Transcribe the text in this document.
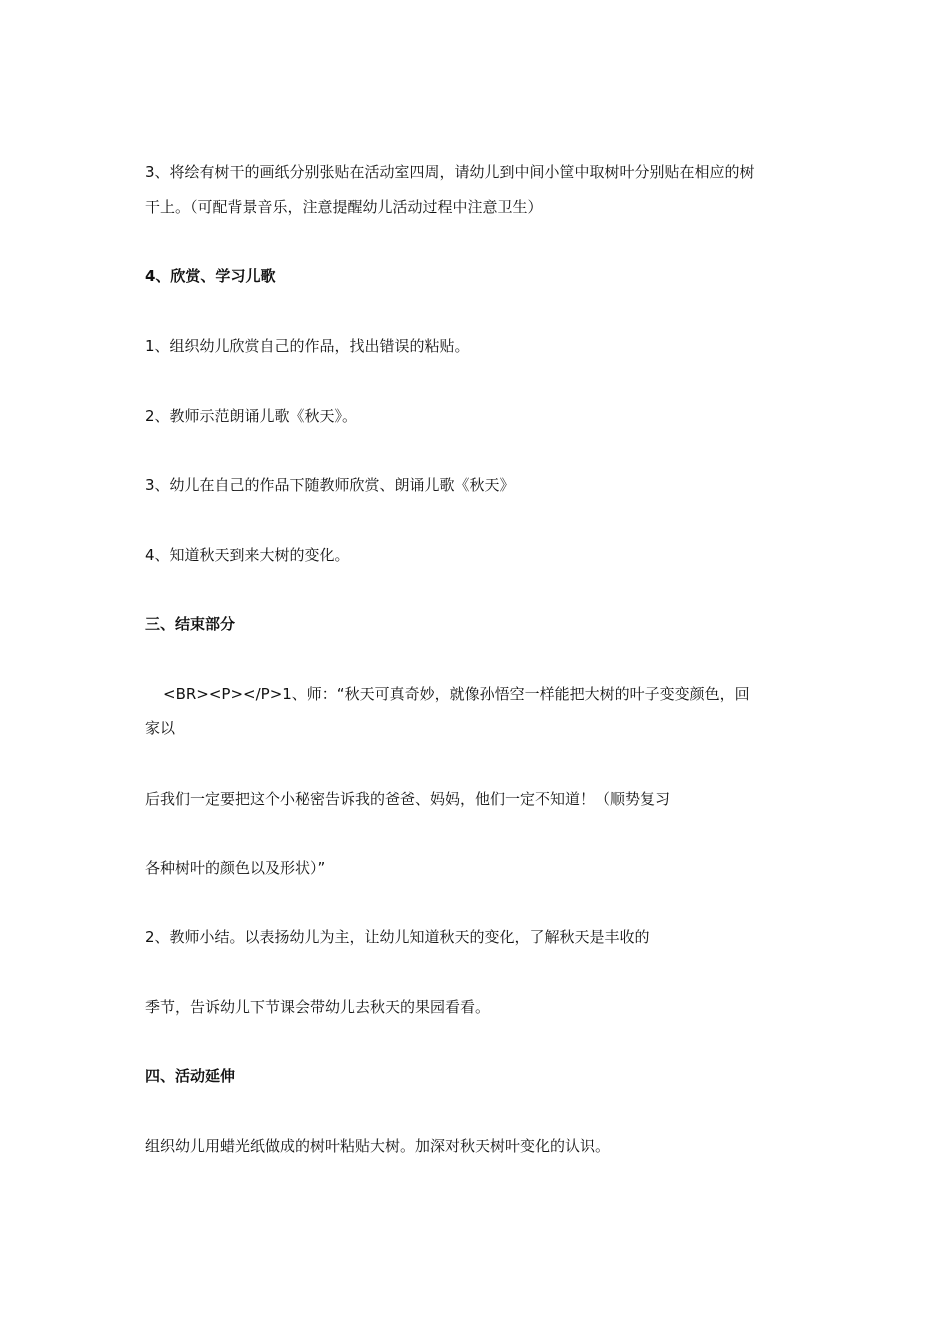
3、将绘有树干的画纸分别张贴在活动室四周，请幼儿到中间小筐中取树叶分别贴在相应的树
干上。（可配背景音乐，注意提醒幼儿活动过程中注意卫生）
4、欣赏、学习儿歌
1、组织幼儿欣赏自己的作品，找出错误的粘贴。
2、教师示范朗诵儿歌《秋天》。
3、幼儿在自己的作品下随教师欣赏、朗诵儿歌《秋天》
4、知道秋天到来大树的变化。
三、结束部分
<BR><P></P>1、师：“秋天可真奇妙，就像孙悟空一样能把大树的叶子变变颜色，回
家以
后我们一定要把这个小秘密告诉我的爸爸、妈妈，他们一定不知道！（顺势复习
各种树叶的颜色以及形状）”
2、教师小结。以表扬幼儿为主，让幼儿知道秋天的变化，了解秋天是丰收的
季节，告诉幼儿下节课会带幼儿去秋天的果园看看。
四、活动延伸
组织幼儿用蜡光纸做成的树叶粘贴大树。加深对秋天树叶变化的认识。
